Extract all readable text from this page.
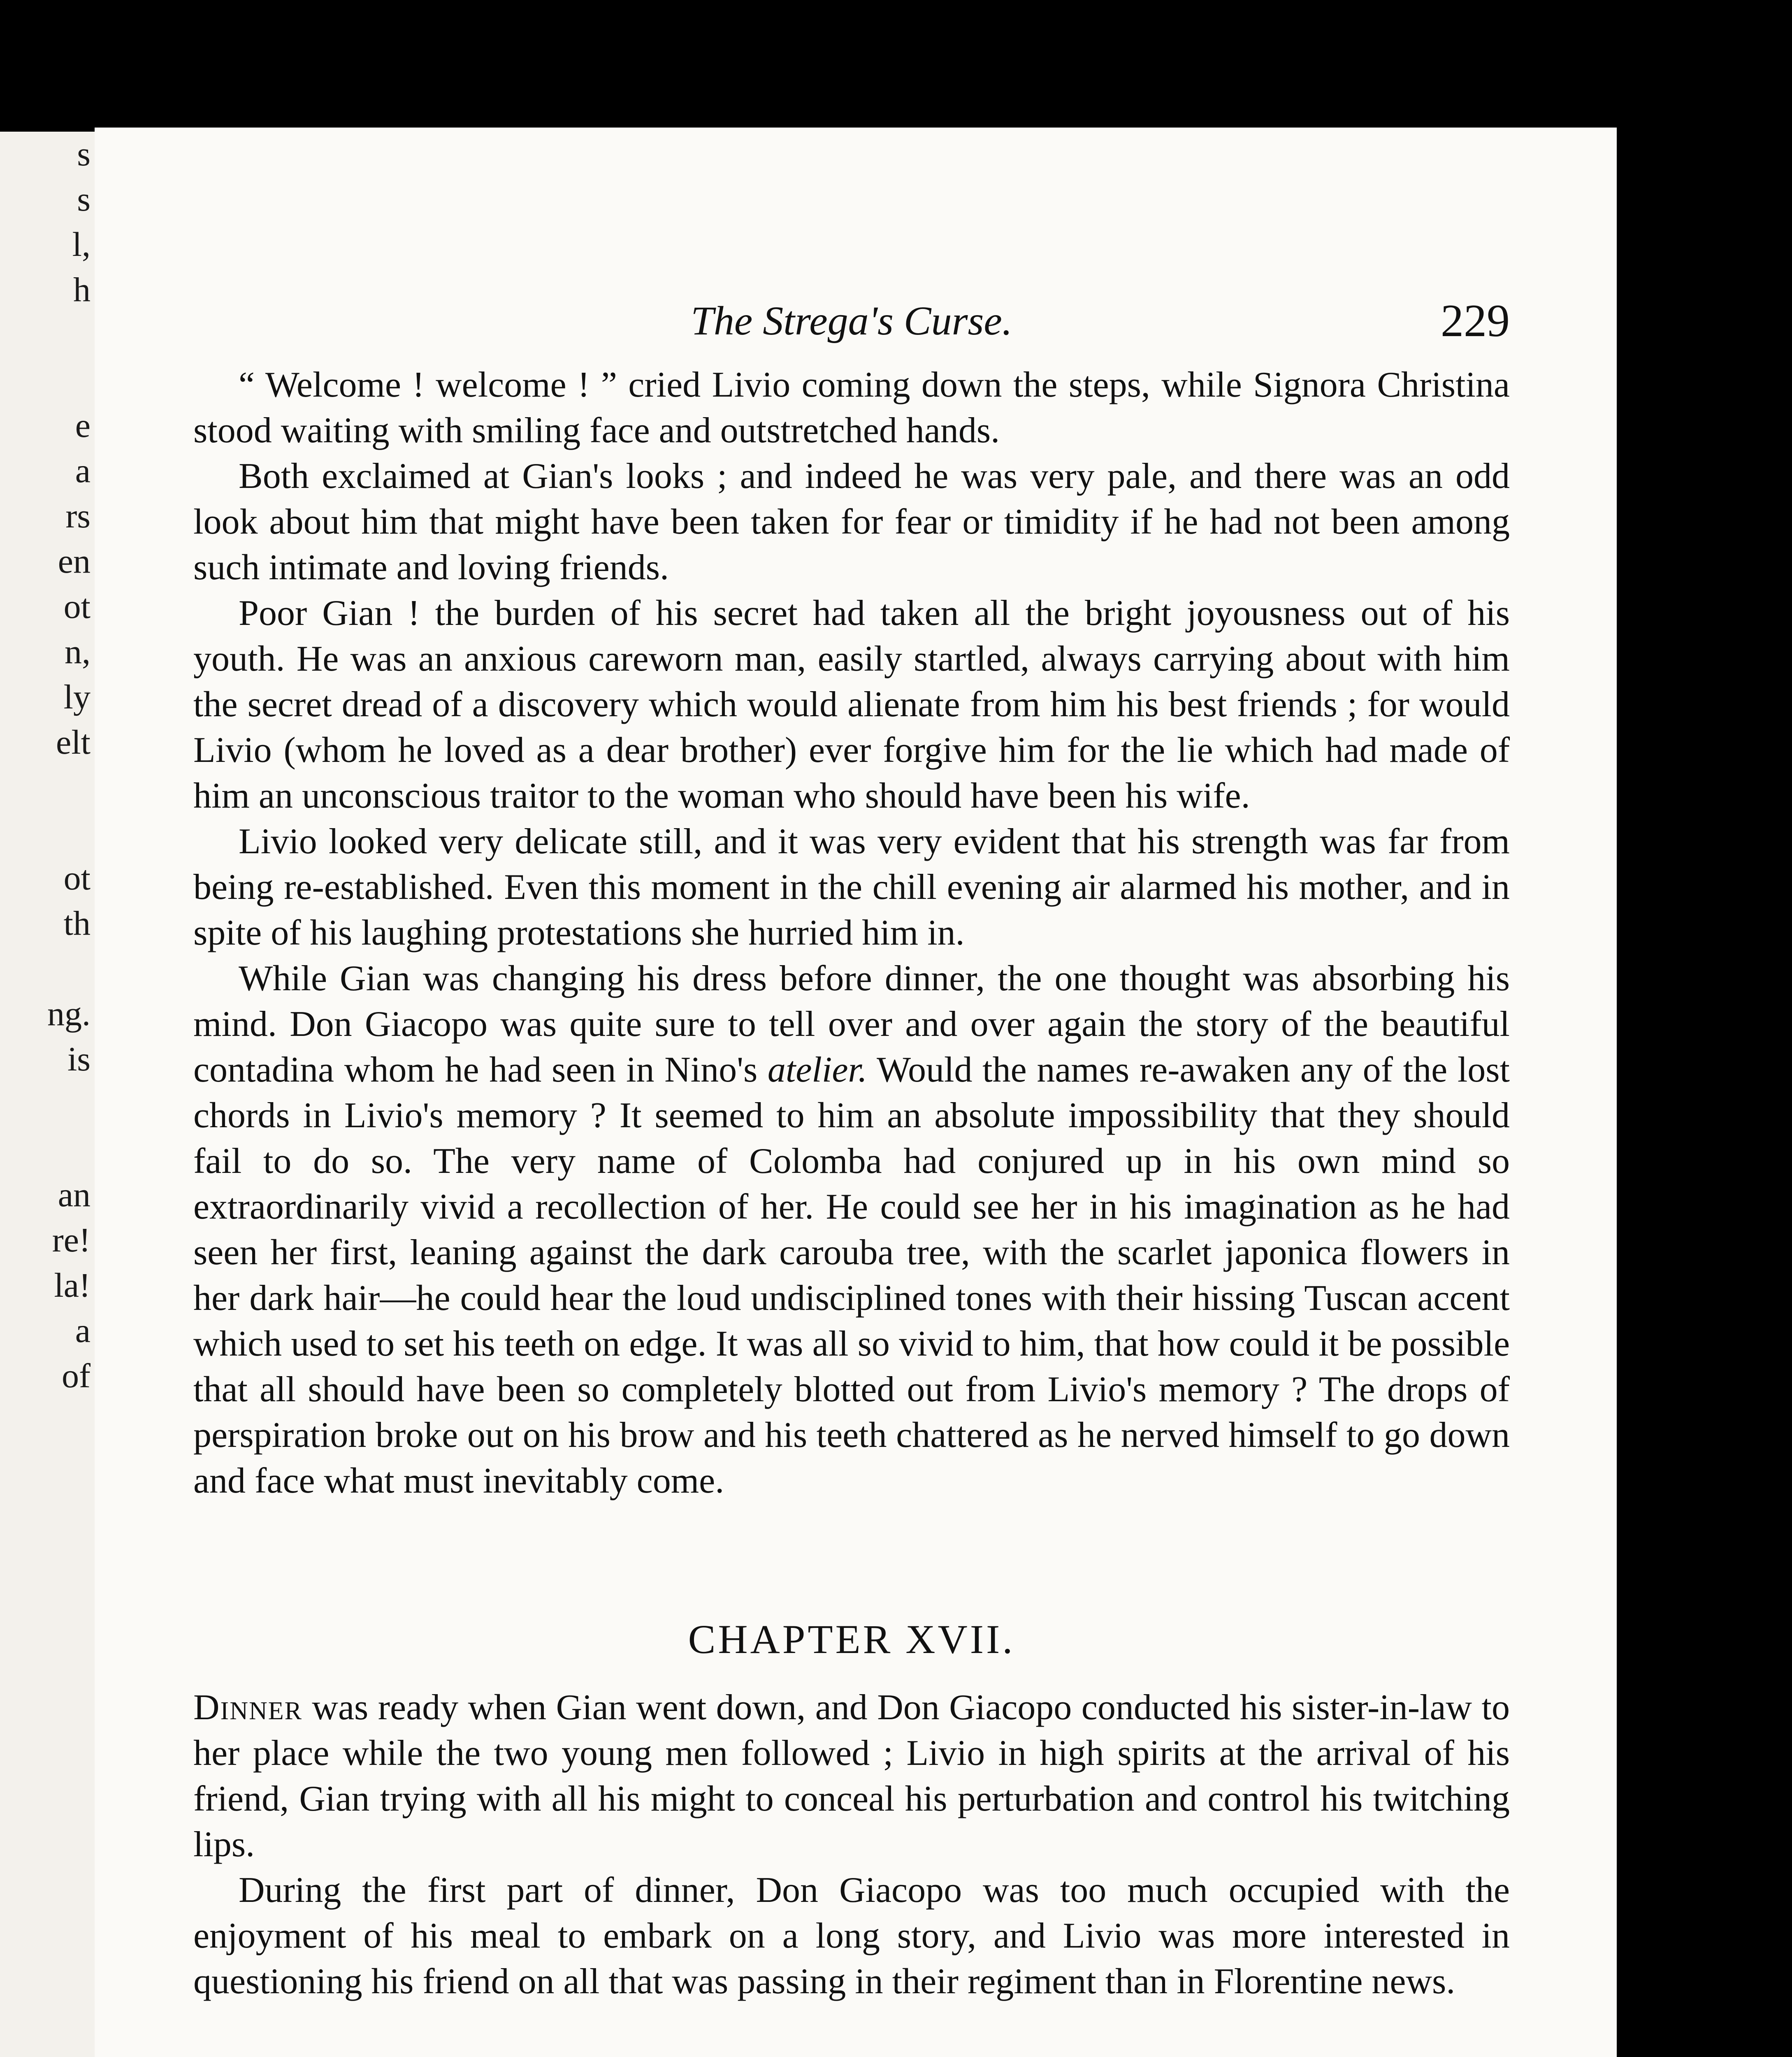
s
s
l,
h
e
a
rs
en
ot
n,
ly
elt
ot
th
ng.
is
an
re!
la!
a
of
The Strega's Curse.	229

“ Welcome ! welcome ! ” cried Livio coming down the steps, while Signora Christina stood waiting with smiling face and outstretched hands.

Both exclaimed at Gian's looks ; and indeed he was very pale, and there was an odd look about him that might have been taken for fear or timidity if he had not been among such intimate and loving friends.

Poor Gian ! the burden of his secret had taken all the bright joyousness out of his youth. He was an anxious careworn man, easily startled, always carrying about with him the secret dread of a discovery which would alienate from him his best friends ; for would Livio (whom he loved as a dear brother) ever forgive him for the lie which had made of him an unconscious traitor to the woman who should have been his wife.

Livio looked very delicate still, and it was very evident that his strength was far from being re-established. Even this moment in the chill evening air alarmed his mother, and in spite of his laughing protestations she hurried him in.

While Gian was changing his dress before dinner, the one thought was absorbing his mind. Don Giacopo was quite sure to tell over and over again the story of the beautiful contadina whom he had seen in Nino's atelier. Would the names re-awaken any of the lost chords in Livio's memory ? It seemed to him an absolute impossibility that they should fail to do so. The very name of Colomba had conjured up in his own mind so extraordinarily vivid a recollection of her. He could see her in his imagination as he had seen her first, leaning against the dark carouba tree, with the scarlet japonica flowers in her dark hair—he could hear the loud undisciplined tones with their hissing Tuscan accent which used to set his teeth on edge. It was all so vivid to him, that how could it be possible that all should have been so completely blotted out from Livio's memory ? The drops of perspiration broke out on his brow and his teeth chattered as he nerved himself to go down and face what must inevitably come.

CHAPTER XVII.

Dinner was ready when Gian went down, and Don Giacopo conducted his sister-in-law to her place while the two young men followed ; Livio in high spirits at the arrival of his friend, Gian trying with all his might to conceal his perturbation and control his twitching lips.

During the first part of dinner, Don Giacopo was too much occupied with the enjoyment of his meal to embark on a long story, and Livio was more interested in questioning his friend on all that was passing in their regiment than in Florentine news.
